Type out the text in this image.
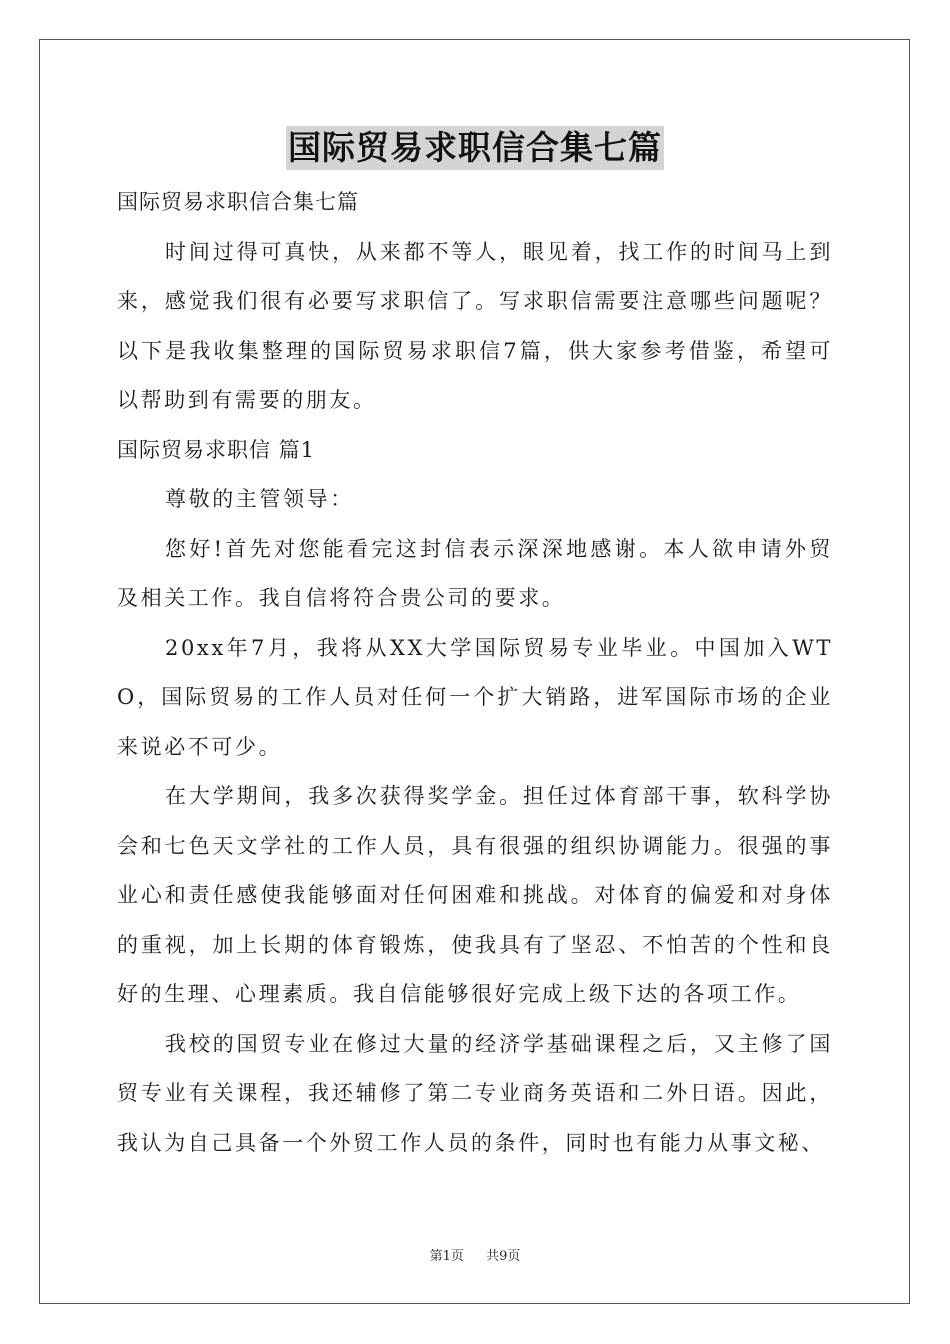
国际贸易求职信合集七篇

国际贸易求职信合集七篇

时间过得可真快，从来都不等人，眼见着，找工作的时间马上到来，感觉我们很有必要写求职信了。写求职信需要注意哪些问题呢？以下是我收集整理的国际贸易求职信7篇，供大家参考借鉴，希望可以帮助到有需要的朋友。

国际贸易求职信 篇1

尊敬的主管领导：

您好!首先对您能看完这封信表示深深地感谢。本人欲申请外贸及相关工作。我自信将符合贵公司的要求。

20xx年7月，我将从XX大学国际贸易专业毕业。中国加入WTO，国际贸易的工作人员对任何一个扩大销路，进军国际市场的企业来说必不可少。

在大学期间，我多次获得奖学金。担任过体育部干事，软科学协会和七色天文学社的工作人员，具有很强的组织协调能力。很强的事业心和责任感使我能够面对任何困难和挑战。对体育的偏爱和对身体的重视，加上长期的体育锻炼，使我具有了坚忍、不怕苦的个性和良好的生理、心理素质。我自信能够很好完成上级下达的各项工作。

我校的国贸专业在修过大量的经济学基础课程之后，又主修了国贸专业有关课程，我还辅修了第二专业商务英语和二外日语。因此，我认为自己具备一个外贸工作人员的条件，同时也有能力从事文秘、

第1页 共9页
